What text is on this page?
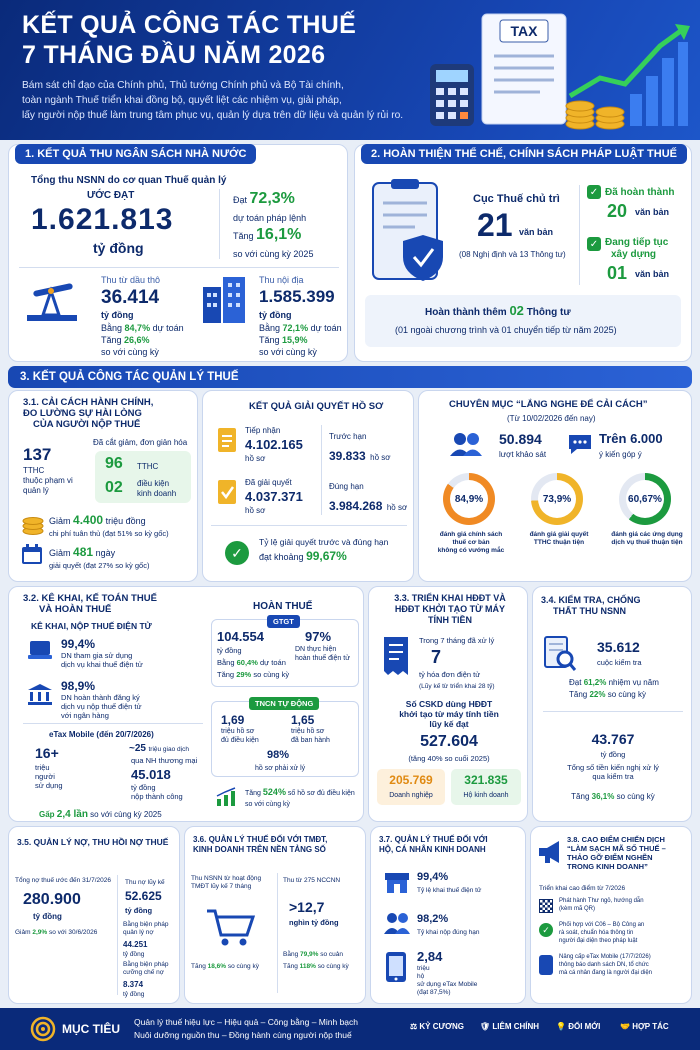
KẾT QUẢ CÔNG TÁC THUẾ
7 THÁNG ĐẦU NĂM 2026
Bám sát chỉ đạo của Chính phủ, Thủ tướng Chính phủ và Bộ Tài chính,
toàn ngành Thuế triển khai đồng bộ, quyết liệt các nhiệm vụ, giải pháp,
lấy người nộp thuế làm trung tâm phục vụ, quản lý dựa trên dữ liệu và quản lý rủi ro.
TAX
1. KẾT QUẢ THU NGÂN SÁCH NHÀ NƯỚC
Tổng thu NSNN do cơ quan Thuế quản lý
ƯỚC ĐẠT
1.621.813
tỷ đồng
Đạt 72,3%
dự toán pháp lệnh
Tăng 16,1%
so với cùng kỳ 2025
Thu từ dầu thô
36.414
tỷ đồng
Bằng 84,7% dự toán
Tăng 26,6%
so với cùng kỳ
Thu nội địa
1.585.399
tỷ đồng
Bằng 72,1% dự toán
Tăng 15,9%
so với cùng kỳ
2. HOÀN THIỆN THỂ CHẾ, CHÍNH SÁCH PHÁP LUẬT THUẾ
Cục Thuế chủ trì
21 văn bản
(08 Nghị định và 13 Thông tư)
✓ Đã hoàn thành
20 văn bản
✓ Đang tiếp tục
xây dựng
01 văn bản
Hoàn thành thêm 02 Thông tư
(01 ngoài chương trình và 01 chuyển tiếp từ năm 2025)
3. KẾT QUẢ CÔNG TÁC QUẢN LÝ THUẾ
3.1. CẢI CÁCH HÀNH CHÍNH,
ĐO LƯỜNG SỰ HÀI LÒNG
CỦA NGƯỜI NỘP THUẾ
137
TTHC
thuộc phạm vi
quản lý
Đã cắt giảm, đơn giản hóa
96 TTHC
02 điều kiện
kinh doanh
Giảm 4.400 triệu đồng
chi phí tuân thủ (đạt 51% so kỳ gốc)
Giảm 481 ngày
giải quyết (đạt 27% so kỳ gốc)
KẾT QUẢ GIẢI QUYẾT HỒ SƠ
Tiếp nhận
4.102.165
hồ sơ
Đã giải quyết
4.037.371
hồ sơ
Trước hạn
39.833 hồ sơ
Đúng hạn
3.984.268 hồ sơ
✓
Tỷ lệ giải quyết trước và đúng hạn
đạt khoảng 99,67%
CHUYÊN MỤC “LẮNG NGHE ĐỂ CẢI CÁCH”
(Từ 10/02/2026 đến nay)
50.894
lượt khảo sát
Trên 6.000
ý kiến góp ý
84,9%
đánh giá chính sách
thuế cơ bản
không có vướng mắc
73,9%
đánh giá giải quyết
TTHC thuận tiện
60,67%
đánh giá các ứng dụng
dịch vụ thuế thuận tiện
3.2. KÊ KHAI, KẾ TOÁN THUẾ
VÀ HOÀN THUẾ
KÊ KHAI, NỘP THUẾ ĐIỆN TỬ
99,4%
DN tham gia sử dụng
dịch vụ khai thuế điện tử
98,9%
DN hoàn thành đăng ký
dịch vụ nộp thuế điện tử
với ngân hàng
eTax Mobile (đến 20/7/2026)
16+
triệu
người
sử dụng
~25 triệu giao dịch
qua NH thương mại
45.018
tỷ đồng
nộp thành công
Gấp 2,4 lần so với cùng kỳ 2025
HOÀN THUẾ
GTGT
104.554
tỷ đồng
Bằng 60,4% dự toán
Tăng 29% so cùng kỳ
97%
DN thực hiện
hoàn thuế điện tử
TNCN TỰ ĐỘNG
1,69
triệu hồ sơ
đủ điều kiện
1,65
triệu hồ sơ
đã ban hành
98%
hồ sơ phải xử lý
Tăng 524% số hồ sơ đủ điều kiện
so với cùng kỳ
3.3. TRIỂN KHAI HĐĐT VÀ
HĐĐT KHỞI TẠO TỪ MÁY
TÍNH TIỀN
Trong 7 tháng đã xử lý
7
tỷ hóa đơn điện tử
(Lũy kế từ triển khai 28 tỷ)
Số CSKD dùng HĐĐT
khởi tạo từ máy tính tiền
lũy kế đạt
527.604
(tăng 40% so cuối 2025)
205.769
Doanh nghiệp
321.835
Hộ kinh doanh
3.4. KIỂM TRA, CHỐNG
THẤT THU NSNN
35.612
cuộc kiểm tra
Đạt 61,2% nhiệm vụ năm
Tăng 22% so cùng kỳ
43.767
tỷ đồng
Tổng số tiền kiến nghị xử lý
qua kiểm tra
Tăng 36,1% so cùng kỳ
3.5. QUẢN LÝ NỢ, THU HỒI NỢ THUẾ
Tổng nợ thuế ước đến 31/7/2026
280.900
tỷ đồng
Giảm 2,9% so với 30/6/2026
Thu nợ lũy kế
52.625
tỷ đồng
Bằng biện pháp
quản lý nợ
44.251
tỷ đồng
Bằng biện pháp
cưỡng chế nợ
8.374
tỷ đồng
3.6. QUẢN LÝ THUẾ ĐỐI VỚI TMĐT,
KINH DOANH TRÊN NỀN TẢNG SỐ
Thu NSNN từ hoạt động
TMĐT lũy kế 7 tháng
Tăng 18,6% so cùng kỳ
Thu từ 275 NCCNN
>12,7
nghìn tỷ đồng
Bằng 79,9% so cuản
Tăng 118% so cùng kỳ
3.7. QUẢN LÝ THUẾ ĐỐI VỚI
HỘ, CÁ NHÂN KINH DOANH
99,4%
Tỷ lệ khai thuế điện tử
98,2%
Tỷ khai nộp đúng hạn
2,84
triệu
hộ
sử dụng eTax Mobile
(đạt 87,5%)
3.8. CAO ĐIỂM CHIẾN DỊCH
“LÀM SẠCH MÃ SỐ THUẾ –
THẢO GỠ ĐIỂM NGHẼN
TRONG KINH DOANH”
Triển khai cao điểm từ 7/2026
Phát hành Thư ngỏ, hướng dẫn
(kèm mã QR)
✓	Phối hợp với C06 – Bộ Công an
rà soát, chuẩn hóa thông tin
người đại diện theo pháp luật
Nâng cấp eTax Mobile (17/7/2026)
thông báo danh sách DN, tổ chức
mà cá nhân đang là người đại diện
MỤC TIÊU Quản lý thuế hiệu lực – Hiệu quả – Công bằng – Minh bạch
Nuôi dưỡng nguồn thu – Đồng hành cùng người nộp thuế
⚖ KỶ CƯƠNG 🛡 LIÊM CHÍNH 💡 ĐỔI MỚI 🤝 HỢP TÁC
